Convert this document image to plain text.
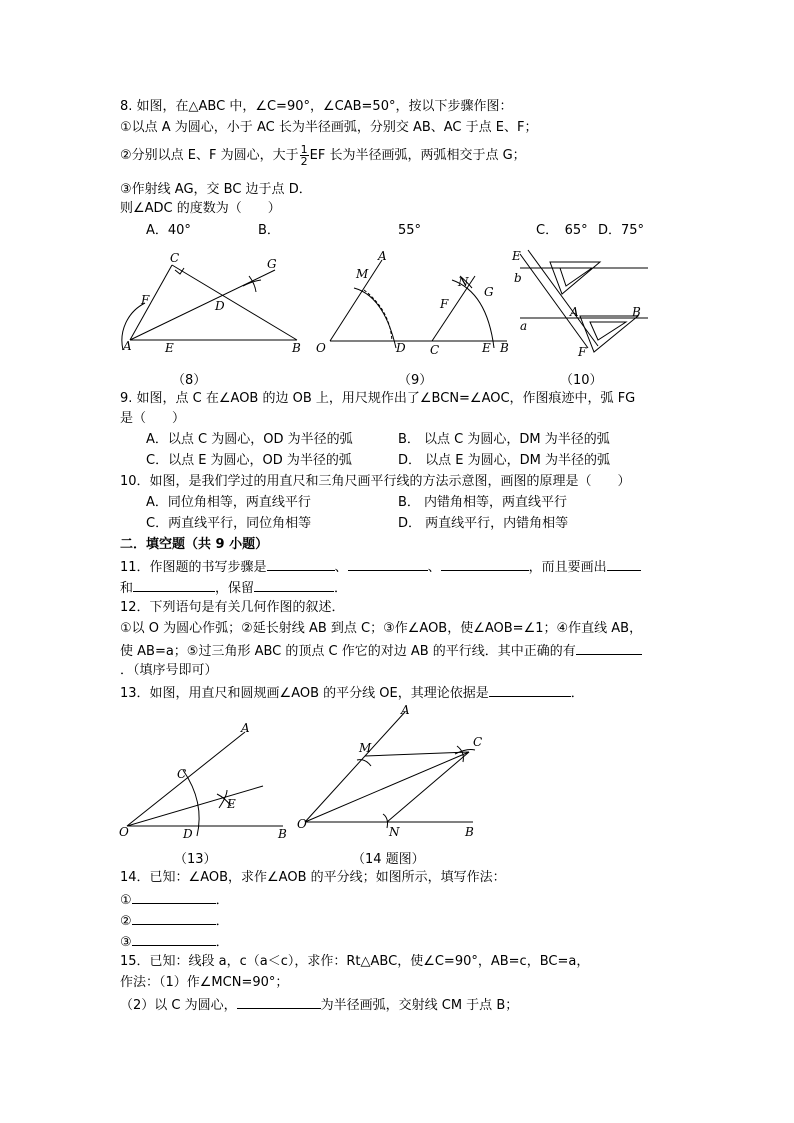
8. 如图，在△ABC 中，∠C=90°，∠CAB=50°，按以下步骤作图：
①以点 A 为圆心，小于 AC 长为半径画弧，分别交 AB、AC 于点 E、F；
②分别以点 E、F 为圆心，大于 $\frac{1}{2}$ EF 长为半径画弧，两弧相交于点 G；
③作射线 AG，交 BC 边于点 D．
则∠ADC 的度数为（　　）
A．40°	B．	55°	C．　65° D．75°
C	G
F	D
A	E	B
M
A
O	D
N
G
F
C	E B
E
b
a
A	B
F
（8）	（9）	（10）
9. 如图，点 C 在∠AOB 的边 OB 上，用尺规作出了∠BCN=∠AOC，作图痕迹中，弧 FG
是（　　）
A．以点 C 为圆心，OD 为半径的弧	B． 以点 C 为圆心，DM 为半径的弧
C．以点 E 为圆心，OD 为半径的弧	D． 以点 E 为圆心，DM 为半径的弧
10．如图，是我们学过的用直尺和三角尺画平行线的方法示意图，画图的原理是（　　）
A．同位角相等，两直线平行	B． 内错角相等，两直线平行
C．两直线平行，同位角相等	D． 两直线平行，内错角相等
二．填空题（共 9 小题）
11．作图题的书写步骤是	、	、	，而且要画出
和	，保留	．
12．下列语句是有关几何作图的叙述．
①以 O 为圆心作弧；②延长射线 AB 到点 C；③作∠AOB，使∠AOB=∠1；④作直线 AB，
使 AB=a；⑤过三角形 ABC 的顶点 C 作它的对边 AB 的平行线．其中正确的有
．（填序号即可）
13．如图，用直尺和圆规画∠AOB 的平分线 OE，其理论依据是	．
A
C
E
O	D	B
A
M	C
O
N	B
（13）	（14 题图）
14．已知：∠AOB，求作∠AOB 的平分线；如图所示，填写作法：
①	．
②	．
③	．
15．已知：线段 a，c（a＜c），求作：Rt△ABC，使∠C=90°，AB=c，BC=a，
作法：（1）作∠MCN=90°；
（2）以 C 为圆心，	为半径画弧，交射线 CM 于点 B；
